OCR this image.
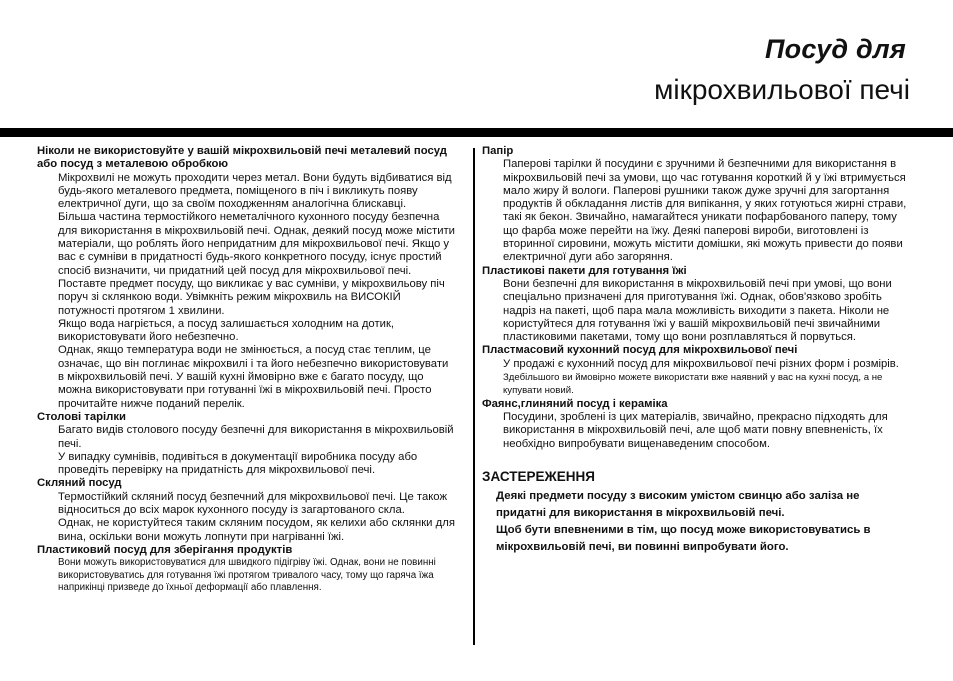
Посуд для
мікрохвильової печі

Ніколи не використовуйте у вашій мікрохвильовій печі металевий посуд або посуд з металевою обробкою

Мікрохвилі не можуть проходити через метал. Вони будуть відбиватися від будь-якого металевого предмета, поміщеного в піч і викликуть появу електричної дуги, що за своїм походженням аналогічна блискавці.

Більша частина термостійкого неметалічного кухонного посуду безпечна для використання в мікрохвильовій печі. Однак, деякий посуд може містити матеріали, що роблять його непридатним для мікрохвильової печі. Якщо у вас є сумніви в придатності будь-якого конкретного посуду, існує простий спосіб визначити, чи придатний цей посуд для мікрохвильової печі.

Поставте предмет посуду, що викликає у вас сумніви, у мікрохвильову піч поруч зі склянкою води. Увімкніть режим мікрохвиль на ВИСОКІЙ потужності протягом 1 хвилини.

Якщо вода нагріється, а посуд залишається холодним на дотик, використовувати його небезпечно.

Однак, якщо температура води не змінюється, а посуд стає теплим, це означає, що він поглинає мікрохвилі і та його небезпечно використовувати в мікрохвильовій печі. У вашій кухні ймовірно вже є багато посуду, що можна використовувати при готуванні їжі в мікрохвильовій печі. Просто прочитайте нижче поданий перелік.

Столові тарілки

Багато видів столового посуду безпечні для використання в мікрохвильовій печі.

У випадку сумнівів, подивіться в документації виробника посуду або проведіть перевірку на придатність для мікрохвильової печі.

Скляний посуд

Термостійкий скляний посуд безпечний для мікрохвильової печі. Це також відноситься до всіх марок кухонного посуду із загартованого скла.

Однак, не користуйтеся таким скляним посудом, як келихи або склянки для вина, оскільки вони можуть лопнути при нагріванні їжі.

Пластиковий посуд для зберігання продуктів

Вони можуть використовуватися для швидкого підігріву їжі. Однак, вони не повинні використовуватись для готування їжі протягом тривалого часу, тому що гаряча їжа наприкінці призведе до їхньої деформації або плавлення.

Папір

Паперові тарілки й посудини є зручними й безпечними для використання в мікрохвильовій печі за умови, що час готування короткий й у їжі втримується мало жиру й вологи. Паперові рушники також дуже зручні для загортання продуктів й обкладання листів для випікання, у яких готуються жирні страви, такі як бекон. Звичайно, намагайтеся уникати пофарбованого паперу, тому що фарба може перейти на їжу. Деякі паперові вироби, виготовлені із вторинної сировини, можуть містити домішки, які можуть привести до появи електричної дуги або загоряння.

Пластикові пакети для готування їжі

Вони безпечні для використання в мікрохвильовій печі при умові, що вони спеціально призначені для приготування їжі. Однак, обов'язково зробіть надріз на пакеті, щоб пара мала можливість виходити з пакета. Ніколи не користуйтеся для готування їжі у вашій мікрохвильовій печі звичайними пластиковими пакетами, тому що вони розплавляться й порвуться.

Пластмасовий кухонний посуд для мікрохвильової печі

У продажі є кухонний посуд для мікрохвильової печі різних форм і розмірів. Здебільшого ви ймовірно можете використати вже наявний у вас на кухні посуд, а не купувати новий.

Фаянс,глиняний посуд і кераміка

Посудини, зроблені із цих матеріалів, звичайно, прекрасно підходять для використання в мікрохвильовій печі, але щоб мати повну впевненість, їх необхідно випробувати вищенаведеним способом.

ЗАСТЕРЕЖЕННЯ

Деякі предмети посуду з високим умістом свинцю або заліза не придатні для використання в мікрохвильовій печі.

Щоб бути впевненими в тім, що посуд може використовуватись в мікрохвильовій печі, ви повинні випробувати його.
